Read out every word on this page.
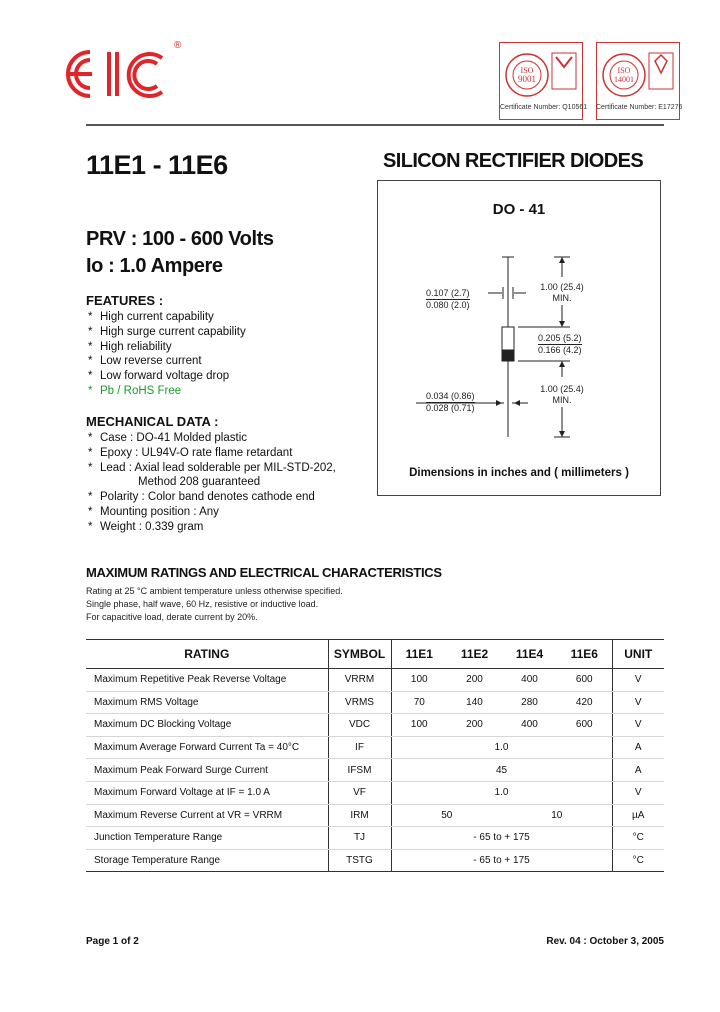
®
ISO
9001
ISO
14001
Certificate Number: Q10561 Certificate Number: E17276
11E1 - 11E6	SILICON RECTIFIER DIODES
DO - 41
1.00 (25.4)
MIN.
0.107 (2.7)
0.080 (2.0)
0.205 (5.2)
0.166 (4.2)
0.034 (0.86)
0.028 (0.71)
1.00 (25.4)
MIN.
Dimensions in inches and ( millimeters )
PRV : 100 - 600 Volts
Io : 1.0 Ampere
FEATURES :
* High current capability
* High surge current capability
* High reliability
* Low reverse current
* Low forward voltage drop
* Pb / RoHS Free
MECHANICAL DATA :
* Case : DO-41 Molded plastic
* Epoxy : UL94V-O rate flame retardant
* Lead : Axial lead solderable per MIL-STD-202,
Method 208 guaranteed
* Polarity : Color band denotes cathode end
* Mounting position : Any
* Weight : 0.339 gram
MAXIMUM RATINGS AND ELECTRICAL CHARACTERISTICS
Rating at 25 °C ambient temperature unless otherwise specified.
Single phase, half wave, 60 Hz, resistive or inductive load.
For capacitive load, derate current by 20%.
RATING	SYMBOL	11E1	11E2	11E4	11E6	UNIT
Maximum Repetitive Peak Reverse Voltage	VRRM	100	200	400	600	V
Maximum RMS Voltage	VRMS	70	140	280	420	V
Maximum DC Blocking Voltage	VDC	100	200	400	600	V
Maximum Average Forward Current Ta = 40°C	IF	1.0				A
Maximum Peak Forward Surge Current	IFSM	45				A
Maximum Forward Voltage at IF = 1.0 A	VF	1.0				V
Maximum Reverse Current at VR = VRRM	IRM	50		10		µA
Junction Temperature Range	TJ	- 65 to + 175				°C
Storage Temperature Range	TSTG	- 65 to + 175				°C
Page 1 of 2	Rev. 04 : October 3, 2005
